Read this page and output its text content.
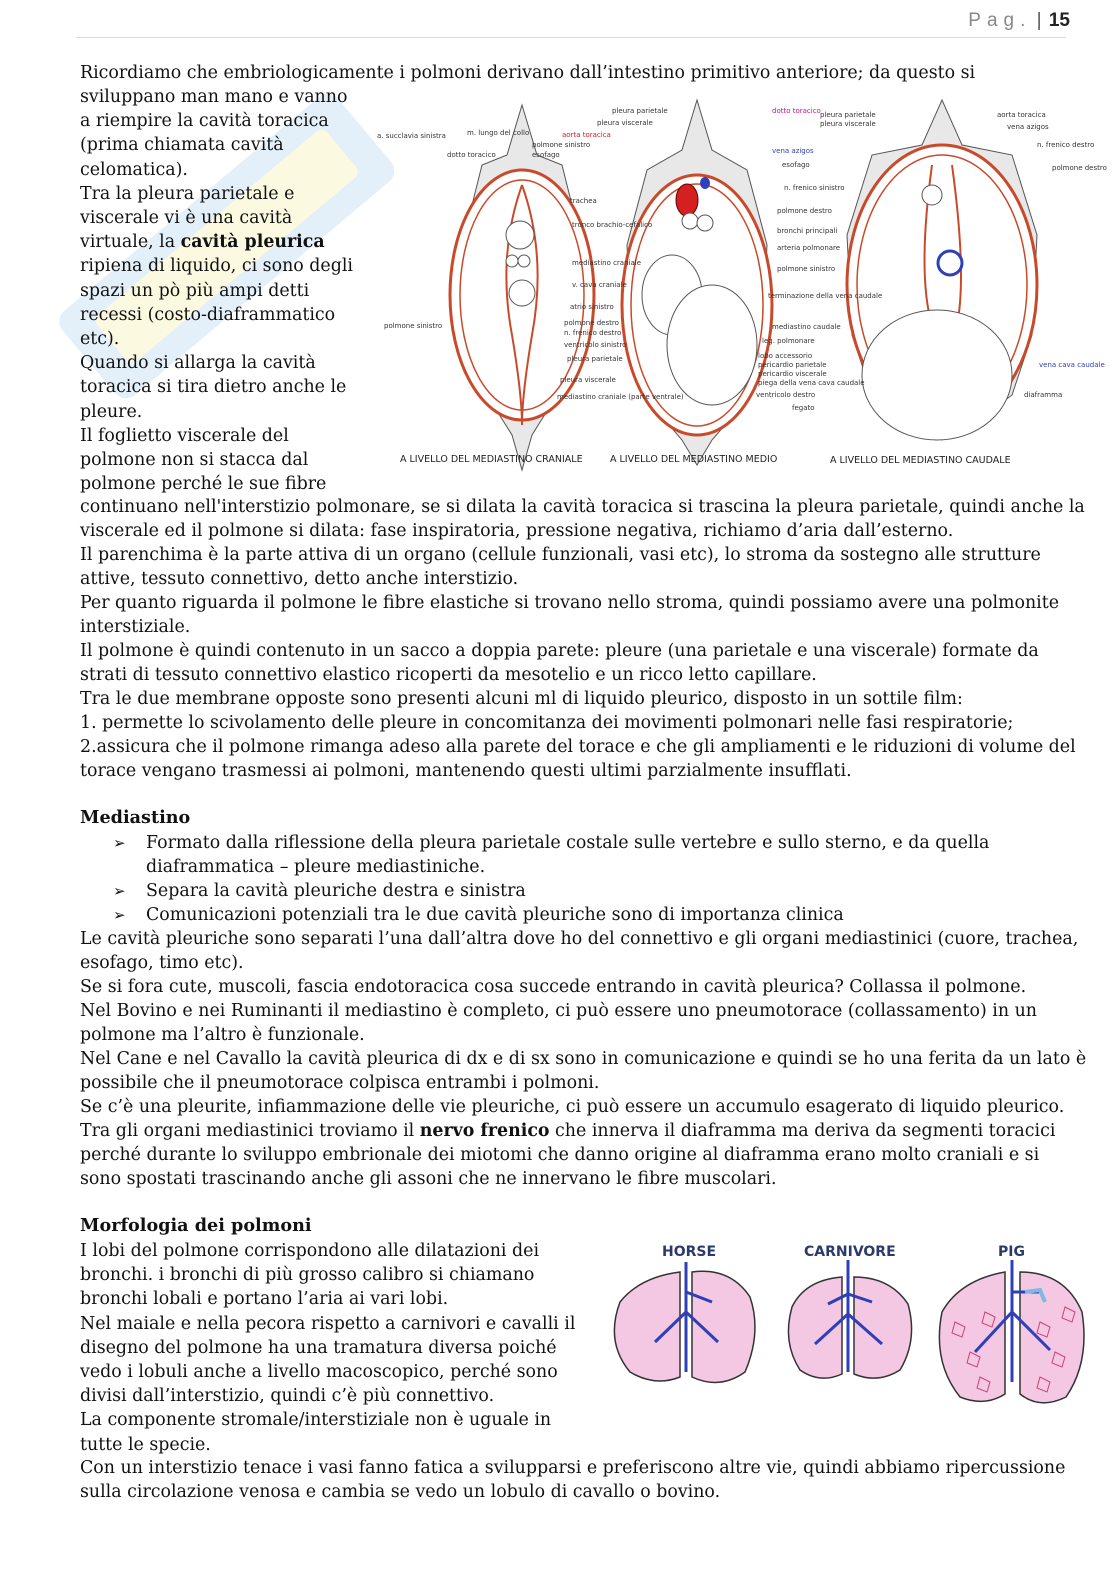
Pag. | 15
Ricordiamo che embriologicamente i polmoni derivano dall’intestino primitivo anteriore; da questo si
sviluppano man mano e vanno
a riempire la cavità toracica
(prima chiamata cavità
celomatica).
Tra la pleura parietale e
viscerale vi è una cavità
virtuale, la cavità pleurica
ripiena di liquido, ci sono degli
spazi un pò più ampi detti
recessi (costo-diaframmatico
etc).
Quando si allarga la cavità
toracica si tira dietro anche le
pleure.
Il foglietto viscerale del
polmone non si stacca dal
polmone perché le sue fibre
a. succlavia sinistra	m. lungo del collo
dotto toracico
polmone sinistro
pleura parietale
pleura viscerale
aorta toracica
polmone sinistro
esofago
trachea
tronco brachio-cefalico
mediastino craniale
v. cava craniale
atrio sinistro
polmone destro
n. frenico destro
ventricolo sinistro
pleura parietale
pleura viscerale
mediastino craniale (parte ventrale)
dotto toracico
vena azigos
esofago
n. frenico sinistro
polmone destro
bronchi principali
arteria polmonare
polmone sinistro
terminazione della vena caudale
mediastino caudale
leg. polmonare
lobo accessorio
pericardio parietale
pericardio viscerale
piega della vena cava caudale
ventricolo destro
fegato
pleura parietale
pleura viscerale
aorta toracica
vena azigos
n. frenico destro
polmone destro
vena cava caudale
diaframma
A LIVELLO DEL MEDIASTINO CRANIALE	A LIVELLO DEL MEDIASTINO MEDIO	A LIVELLO DEL MEDIASTINO CAUDALE
continuano nell'interstizio polmonare, se si dilata la cavità toracica si trascina la pleura parietale, quindi anche la
viscerale ed il polmone si dilata: fase inspiratoria, pressione negativa, richiamo d’aria dall’esterno.
Il parenchima è la parte attiva di un organo (cellule funzionali, vasi etc), lo stroma da sostegno alle strutture
attive, tessuto connettivo, detto anche interstizio.
Per quanto riguarda il polmone le fibre elastiche si trovano nello stroma, quindi possiamo avere una polmonite
interstiziale.
Il polmone è quindi contenuto in un sacco a doppia parete: pleure (una parietale e una viscerale) formate da
strati di tessuto connettivo elastico ricoperti da mesotelio e un ricco letto capillare.
Tra le due membrane opposte sono presenti alcuni ml di liquido pleurico, disposto in un sottile film:
1. permette lo scivolamento delle pleure in concomitanza dei movimenti polmonari nelle fasi respiratorie;
2.assicura che il polmone rimanga adeso alla parete del torace e che gli ampliamenti e le riduzioni di volume del
torace vengano trasmessi ai polmoni, mantenendo questi ultimi parzialmente insufflati.
Mediastino
➢ Formato dalla riflessione della pleura parietale costale sulle vertebre e sullo sterno, e da quella
diaframmatica – pleure mediastiniche.
➢ Separa la cavità pleuriche destra e sinistra
➢ Comunicazioni potenziali tra le due cavità pleuriche sono di importanza clinica
Le cavità pleuriche sono separati l’una dall’altra dove ho del connettivo e gli organi mediastinici (cuore, trachea,
esofago, timo etc).
Se si fora cute, muscoli, fascia endotoracica cosa succede entrando in cavità pleurica? Collassa il polmone.
Nel Bovino e nei Ruminanti il mediastino è completo, ci può essere uno pneumotorace (collassamento) in un
polmone ma l’altro è funzionale.
Nel Cane e nel Cavallo la cavità pleurica di dx e di sx sono in comunicazione e quindi se ho una ferita da un lato è
possibile che il pneumotorace colpisca entrambi i polmoni.
Se c’è una pleurite, infiammazione delle vie pleuriche, ci può essere un accumulo esagerato di liquido pleurico.
Tra gli organi mediastinici troviamo il nervo frenico che innerva il diaframma ma deriva da segmenti toracici
perché durante lo sviluppo embrionale dei miotomi che danno origine al diaframma erano molto craniali e si
sono spostati trascinando anche gli assoni che ne innervano le fibre muscolari.
Morfologia dei polmoni
I lobi del polmone corrispondono alle dilatazioni dei
bronchi. i bronchi di più grosso calibro si chiamano
bronchi lobali e portano l’aria ai vari lobi.
Nel maiale e nella pecora rispetto a carnivori e cavalli il
disegno del polmone ha una tramatura diversa poiché
vedo i lobuli anche a livello macoscopico, perché sono
divisi dall’interstizio, quindi c’è più connettivo.
La componente stromale/interstiziale non è uguale in
tutte le specie.
HORSE	CARNIVORE	PIG
Con un interstizio tenace i vasi fanno fatica a svilupparsi e preferiscono altre vie, quindi abbiamo ripercussione
sulla circolazione venosa e cambia se vedo un lobulo di cavallo o bovino.
